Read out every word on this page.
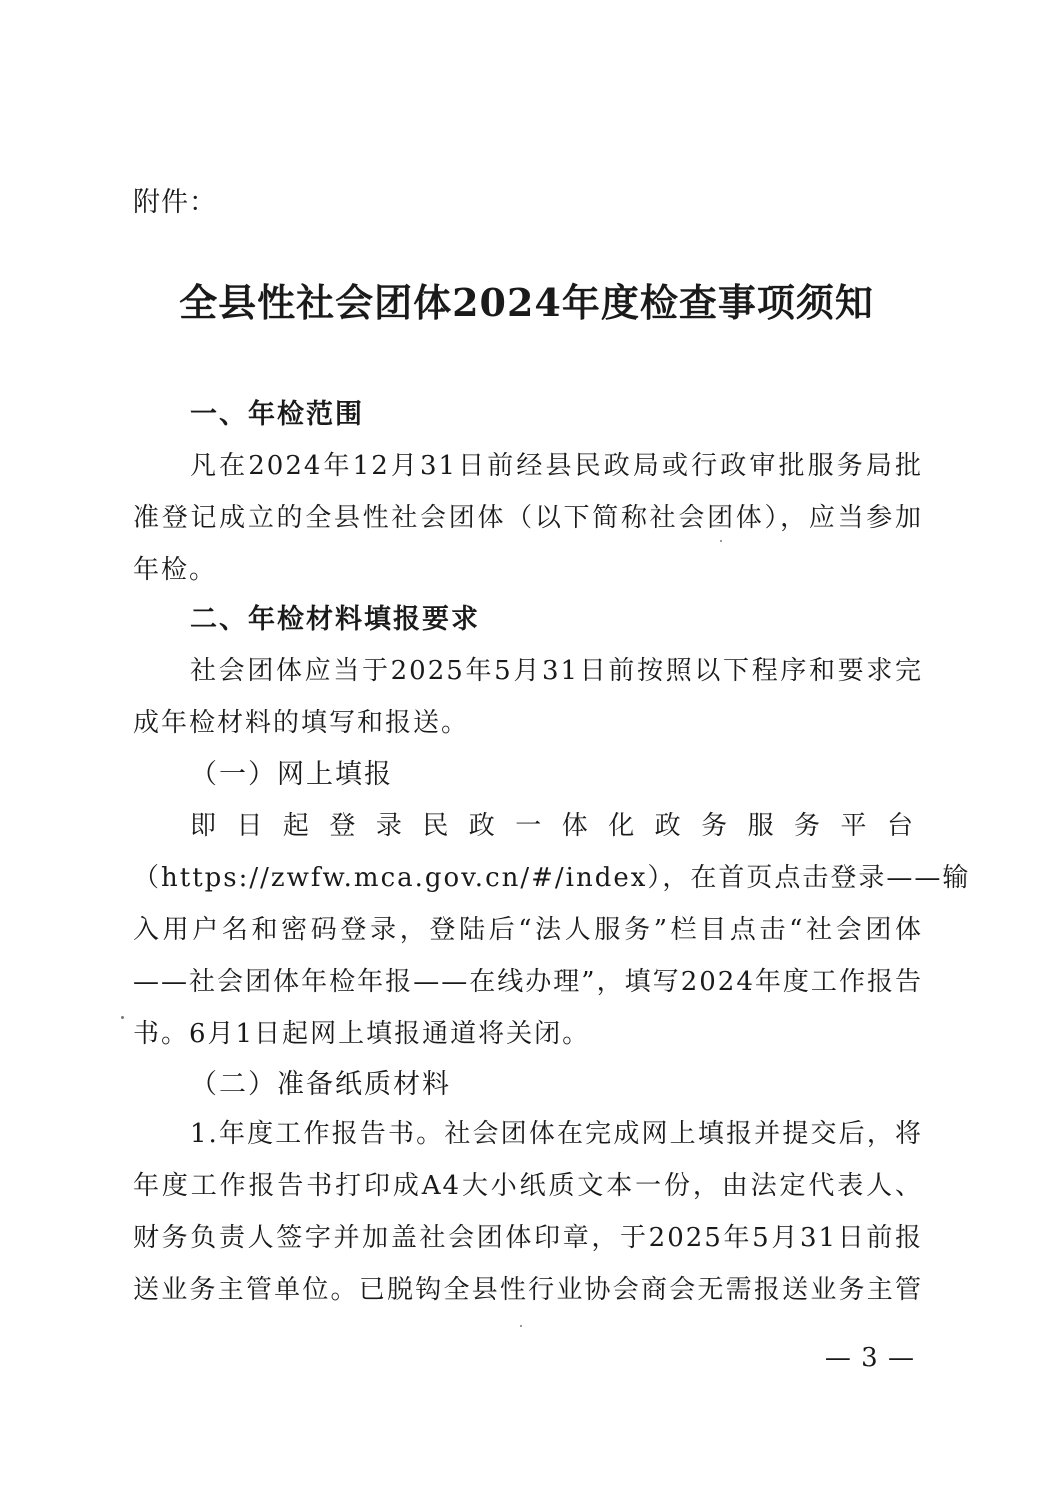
附件：
全县性社会团体2024年度检查事项须知
一、年检范围
凡在2024年12月31日前经县民政局或行政审批服务局批
准登记成立的全县性社会团体（以下简称社会团体），应当参加
年检。
二、年检材料填报要求
社会团体应当于2025年5月31日前按照以下程序和要求完
成年检材料的填写和报送。
（一）网上填报
即日起登录民政一体化政务服务平台
（https://zwfw.mca.gov.cn/#/index），在首页点击登录——输
入用户名和密码登录，登陆后“法人服务”栏目点击“社会团体
——社会团体年检年报——在线办理”，填写2024年度工作报告
书。6月1日起网上填报通道将关闭。
（二）准备纸质材料
1.年度工作报告书。社会团体在完成网上填报并提交后，将
年度工作报告书打印成A4大小纸质文本一份，由法定代表人、
财务负责人签字并加盖社会团体印章，于2025年5月31日前报
送业务主管单位。已脱钩全县性行业协会商会无需报送业务主管
— 3 —
